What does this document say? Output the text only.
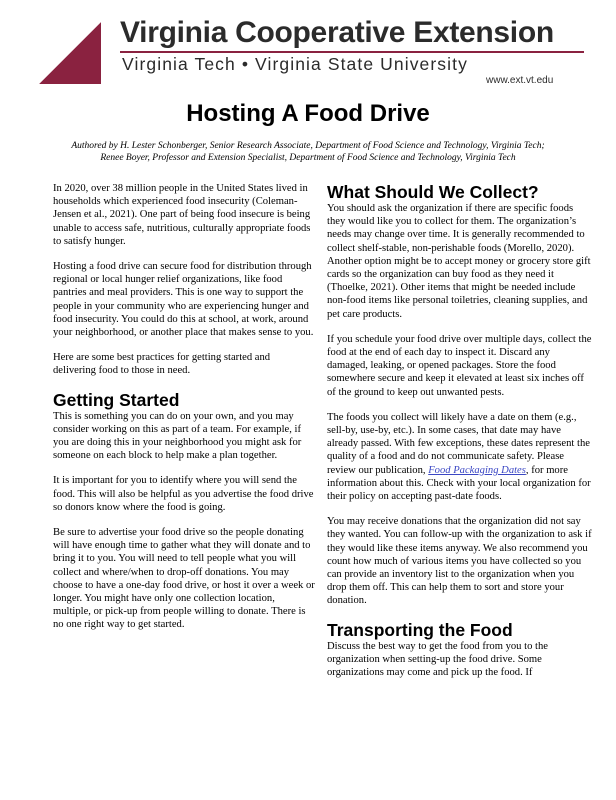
Virginia Cooperative Extension
Virginia Tech • Virginia State University
www.ext.vt.edu
Hosting A Food Drive
Authored by H. Lester Schonberger, Senior Research Associate, Department of Food Science and Technology, Virginia Tech; Renee Boyer, Professor and Extension Specialist, Department of Food Science and Technology, Virginia Tech

In 2020, over 38 million people in the United States lived in households which experienced food insecurity (Coleman-Jensen et al., 2021). One part of being food insecure is being unable to access safe, nutritious, culturally appropriate foods to satisfy hunger.

Hosting a food drive can secure food for distribution through regional or local hunger relief organizations, like food pantries and meal providers. This is one way to support the people in your community who are experiencing hunger and food insecurity. You could do this at school, at work, around your neighborhood, or another place that makes sense to you.

Here are some best practices for getting started and delivering food to those in need.

Getting Started

This is something you can do on your own, and you may consider working on this as part of a team. For example, if you are doing this in your neighborhood you might ask for someone on each block to help make a plan together.

It is important for you to identify where you will send the food. This will also be helpful as you advertise the food drive so donors know where the food is going.

Be sure to advertise your food drive so the people donating will have enough time to gather what they will donate and to bring it to you. You will need to tell people what you will collect and where/when to drop-off donations. You may choose to have a one-day food drive, or host it over a week or longer. You might have only one collection location, multiple, or pick-up from people willing to donate. There is no one right way to get started.

What Should We Collect?

You should ask the organization if there are specific foods they would like you to collect for them. The organization’s needs may change over time. It is generally recommended to collect shelf-stable, non-perishable foods (Morello, 2020). Another option might be to accept money or grocery store gift cards so the organization can buy food as they need it (Thoelke, 2021). Other items that might be needed include non-food items like personal toiletries, cleaning supplies, and pet care products.

If you schedule your food drive over multiple days, collect the food at the end of each day to inspect it. Discard any damaged, leaking, or opened packages. Store the food somewhere secure and keep it elevated at least six inches off of the ground to keep out unwanted pests.

The foods you collect will likely have a date on them (e.g., sell-by, use-by, etc.). In some cases, that date may have already passed. With few exceptions, these dates represent the quality of a food and do not communicate safety. Please review our publication, Food Packaging Dates, for more information about this. Check with your local organization for their policy on accepting past-date foods.

You may receive donations that the organization did not say they wanted. You can follow-up with the organization to ask if they would like these items anyway. We also recommend you count how much of various items you have collected so you can provide an inventory list to the organization when you drop them off. This can help them to sort and store your donation.

Transporting the Food

Discuss the best way to get the food from you to the organization when setting-up the food drive. Some organizations may come and pick up the food. If
